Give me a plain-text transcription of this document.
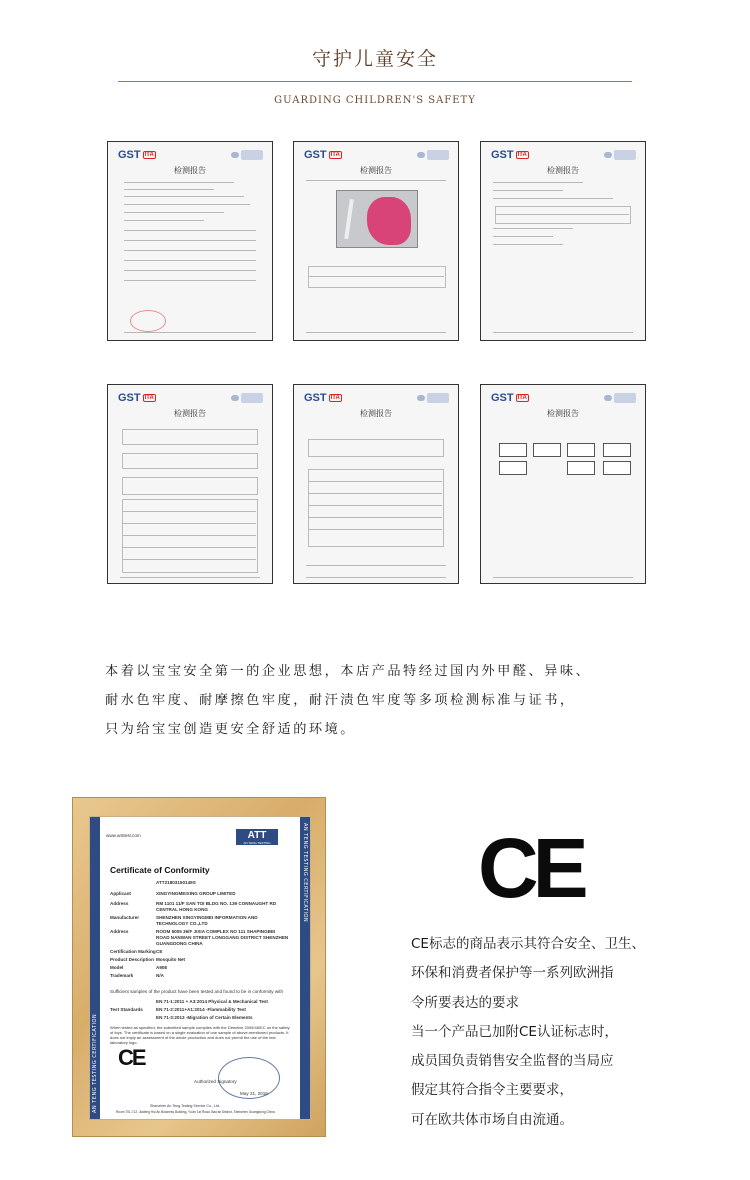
守护儿童安全
GUARDING CHILDREN'S SAFETY
GST ITA
检测报告
GST ITA
检测报告
GST ITA
检测报告
GST ITA
检测报告
GST ITA
检测报告
GST ITA
检测报告
本着以宝宝安全第一的企业思想，本店产品特经过国内外甲醛、异味、
耐水色牢度、耐摩擦色牢度，耐汗渍色牢度等多项检测标准与证书，
只为给宝宝创造更安全舒适的环境。
AN TENG TESTING CERTIFICATION
AN TENG TESTING CERTIFICATION
www.anttest.com	ATT
AN TENG TESTING
Certificate of Conformity
ATT21803150149S
Applicant	XINGYINGMEIXING GROUP LIMITED
Address	RM 1101 11/F SAN TOI BLDG NO. 139 CONNAUGHT RD CENTRAL HONG KONG
Manufacturer	SHENZHEN XINGYINGMEI INFORMATION AND TECHNOLOGY CO.,LTD
Address	ROOM 5005 36/F JIXIA COMPLEX NO 111 SHAPINGBEI ROAD NANWAN STREET LONGGANG DISTRICT SHENZHEN GUANGDONG CHINA
Certification Marking CE
Product Description Mosquito Net
Model	A908
Trademark	N/A
Sufficient samples of the product have been tested and found to be in conformity with
Test Standards
EN 71-1:2011 + A3:2014 Physical & Mechanical Test
EN 71-2:2011+A1:2014 -Flammability Test
EN 71-3:2013 -Migration of Certain Elements
When tested as specified, the submitted sample complies with the Directive 2009/48/EC on the safety of toys. The certificate is based on a single evaluation of one sample of above-mentioned products. It does not imply an assessment of the whole production and does not permit the use of the test laboratory logo.
CE
Authorized Signatory
May 21, 2018
Shenzhen An Teng Testing Service Co., Ltd.
Room 701-712, Jiadeng Hui An Business Building, Yu'an 1st Road, Bao'an District, Shenzhen Guangdong China
CE
CE标志的商品表示其符合安全、卫生、
环保和消费者保护等一系列欧洲指
令所要表达的要求
当一个产品已加附CE认证标志时，
成员国负责销售安全监督的当局应
假定其符合指令主要要求，
可在欧共体市场自由流通。
